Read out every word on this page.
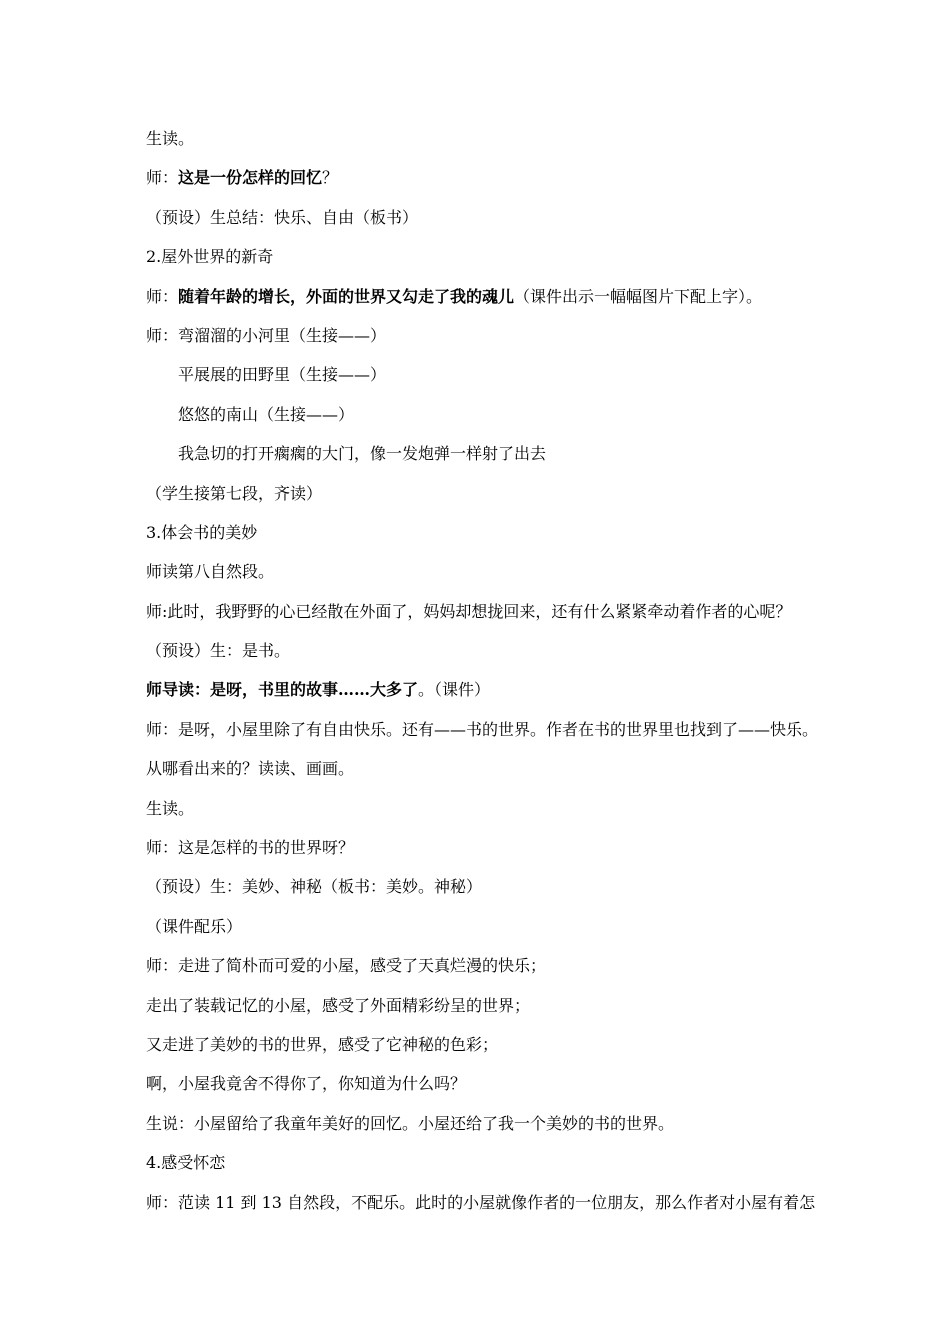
生读。
师：这是一份怎样的回忆？
（预设）生总结：快乐、自由（板书）
2.屋外世界的新奇
师：随着年龄的增长，外面的世界又勾走了我的魂儿（课件出示一幅幅图片下配上字）。
师：弯溜溜的小河里（生接——）
平展展的田野里（生接——）
悠悠的南山（生接——）
我急切的打开瘸瘸的大门，像一发炮弹一样射了出去
（学生接第七段，齐读）
3.体会书的美妙
师读第八自然段。
师:此时，我野野的心已经散在外面了，妈妈却想拢回来，还有什么紧紧牵动着作者的心呢？
（预设）生：是书。
师导读：是呀，书里的故事……大多了。（课件）
师：是呀，小屋里除了有自由快乐。还有——书的世界。作者在书的世界里也找到了——快乐。
从哪看出来的？读读、画画。
生读。
师：这是怎样的书的世界呀？
（预设）生：美妙、神秘（板书：美妙。神秘）
（课件配乐）
师：走进了简朴而可爱的小屋，感受了天真烂漫的快乐；
走出了装载记忆的小屋，感受了外面精彩纷呈的世界；
又走进了美妙的书的世界，感受了它神秘的色彩；
啊，小屋我竟舍不得你了，你知道为什么吗？
生说：小屋留给了我童年美好的回忆。小屋还给了我一个美妙的书的世界。
4.感受怀恋
师：范读 11 到 13 自然段，不配乐。此时的小屋就像作者的一位朋友，那么作者对小屋有着怎
